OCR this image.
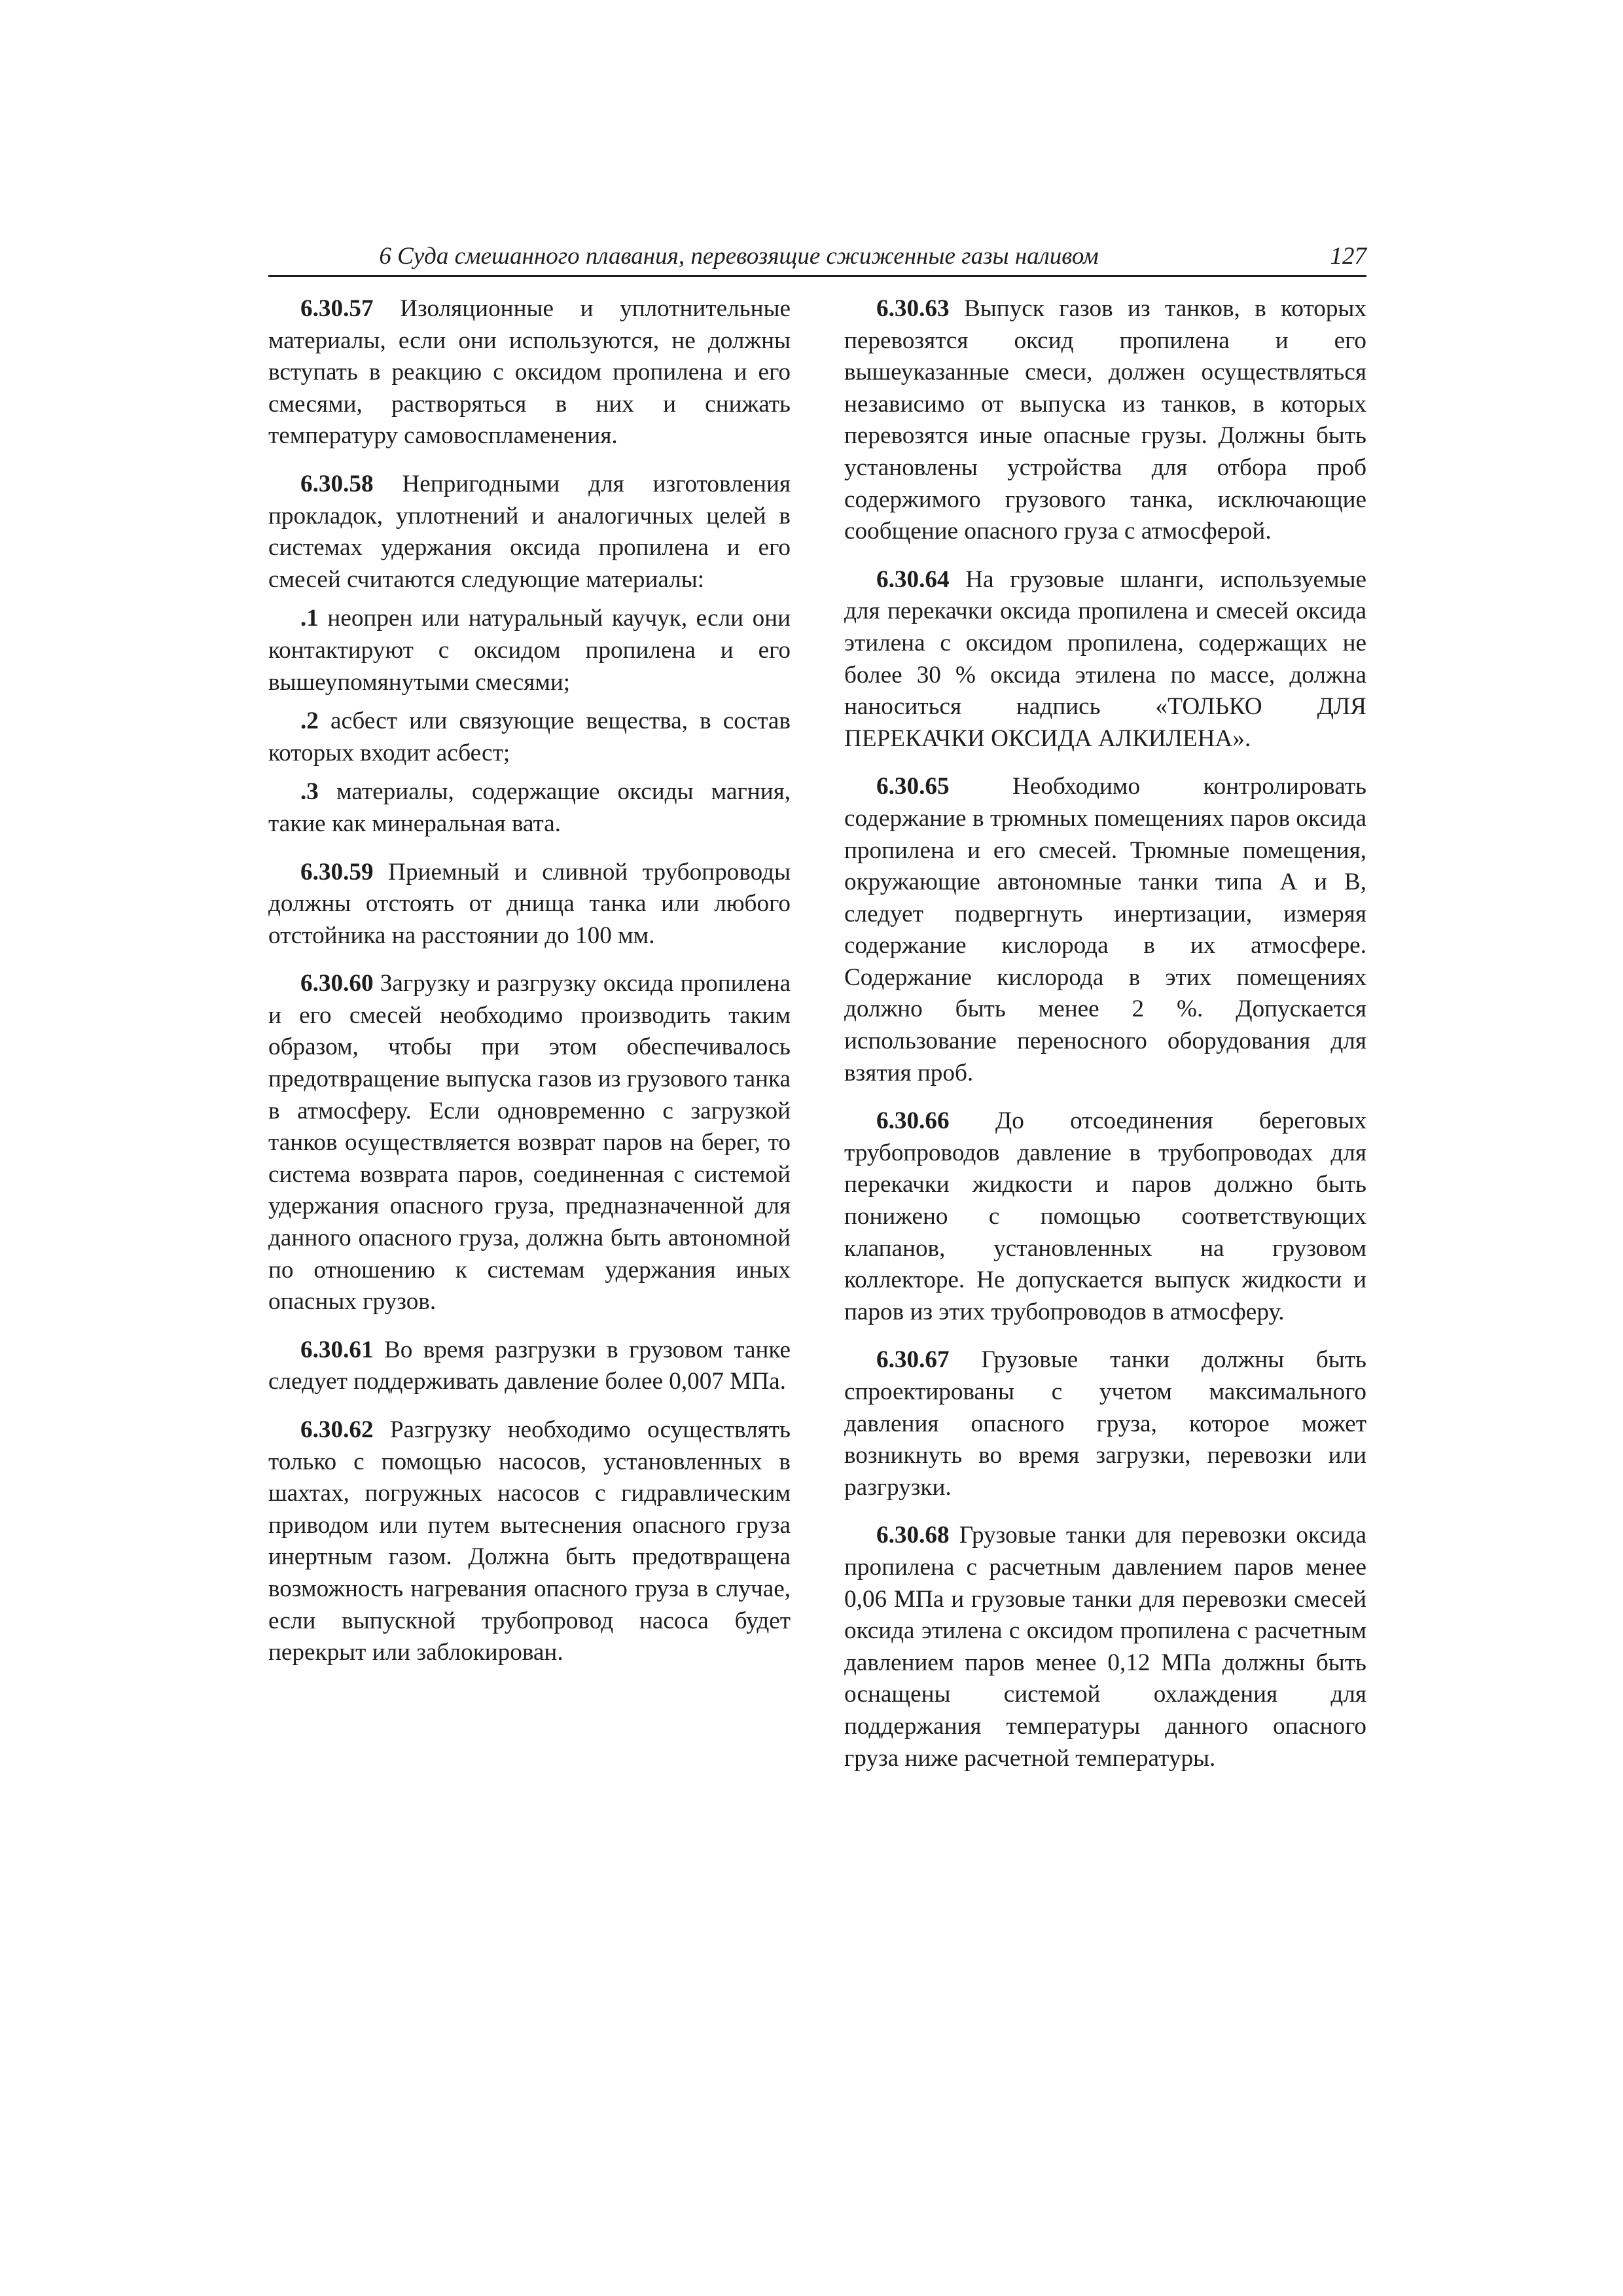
6 Суда смешанного плавания, перевозящие сжиженные газы наливом	127

6.30.57 Изоляционные и уплотнительные материалы, если они используются, не должны вступать в реакцию с оксидом пропилена и его смесями, растворяться в них и снижать температуру самовоспламенения.

6.30.58 Непригодными для изготовления прокладок, уплотнений и аналогичных целей в системах удержания оксида пропилена и его смесей считаются следующие материалы:

.1 неопрен или натуральный каучук, если они контактируют с оксидом пропилена и его вышеупомянутыми смесями;

.2 асбест или связующие вещества, в состав которых входит асбест;

.3 материалы, содержащие оксиды магния, такие как минеральная вата.

6.30.59 Приемный и сливной трубопроводы должны отстоять от днища танка или любого отстойника на расстоянии до 100 мм.

6.30.60 Загрузку и разгрузку оксида пропилена и его смесей необходимо производить таким образом, чтобы при этом обеспечивалось предотвращение выпуска газов из грузового танка в атмосферу. Если одновременно с загрузкой танков осуществляется возврат паров на берег, то система возврата паров, соединенная с системой удержания опасного груза, предназначенной для данного опасного груза, должна быть автономной по отношению к системам удержания иных опасных грузов.

6.30.61 Во время разгрузки в грузовом танке следует поддерживать давление более 0,007 МПа.

6.30.62 Разгрузку необходимо осуществлять только с помощью насосов, установленных в шахтах, погружных насосов с гидравлическим приводом или путем вытеснения опасного груза инертным газом. Должна быть предотвращена возможность нагревания опасного груза в случае, если выпускной трубопровод насоса будет перекрыт или заблокирован.

6.30.63 Выпуск газов из танков, в которых перевозятся оксид пропилена и его вышеуказанные смеси, должен осуществляться независимо от выпуска из танков, в которых перевозятся иные опасные грузы. Должны быть установлены устройства для отбора проб содержимого грузового танка, исключающие сообщение опасного груза с атмосферой.

6.30.64 На грузовые шланги, используемые для перекачки оксида пропилена и смесей оксида этилена с оксидом пропилена, содержащих не более 30 % оксида этилена по массе, должна наноситься надпись «ТОЛЬКО ДЛЯ ПЕРЕКАЧКИ ОКСИДА АЛКИЛЕНА».

6.30.65	Необходимо контролировать содержание в трюмных помещениях паров оксида пропилена и его смесей. Трюмные помещения, окружающие автономные танки типа А и В, следует подвергнуть инертизации, измеряя содержание кислорода в их атмосфере. Содержание кислорода в этих помещениях должно быть менее 2 %. Допускается использование переносного оборудования для взятия проб.

6.30.66 До отсоединения береговых трубопроводов давление в трубопроводах для перекачки жидкости и паров должно быть понижено с помощью соответствующих клапанов, установленных на грузовом коллекторе. Не допускается выпуск жидкости и паров из этих трубопроводов в атмосферу.

6.30.67 Грузовые танки должны быть спроектированы с учетом максимального давления опасного груза, которое может возникнуть во время загрузки, перевозки или разгрузки.

6.30.68 Грузовые танки для перевозки оксида пропилена с расчетным давлением паров менее 0,06 МПа и грузовые танки для перевозки смесей оксида этилена с оксидом пропилена с расчетным давлением паров менее 0,12 МПа должны быть оснащены системой охлаждения для поддержания температуры данного опасного груза ниже расчетной температуры.
